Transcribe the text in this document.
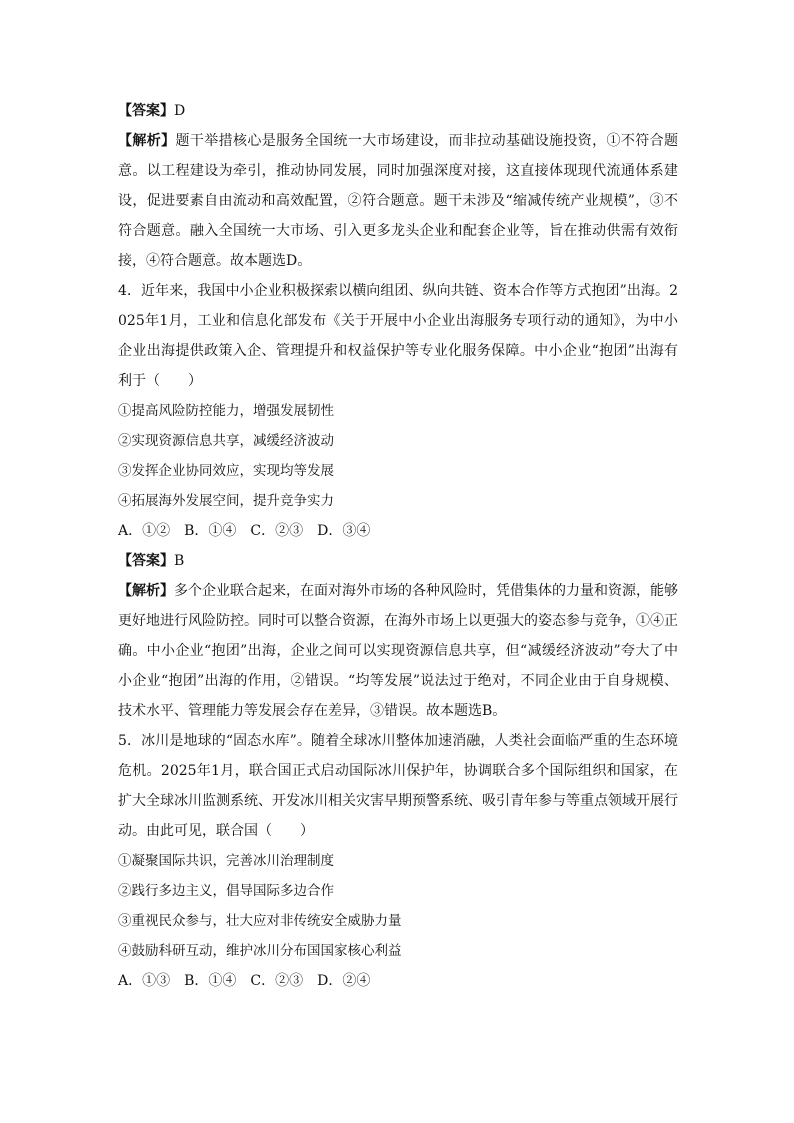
【答案】D

【解析】题干举措核心是服务全国统一大市场建设，而非拉动基础设施投资，①不符合题意。以工程建设为牵引，推动协同发展，同时加强深度对接，这直接体现现代流通体系建设，促进要素自由流动和高效配置，②符合题意。题干未涉及“缩减传统产业规模”，③不符合题意。融入全国统一大市场、引入更多龙头企业和配套企业等，旨在推动供需有效衔接，④符合题意。故本题选D。

4．近年来，我国中小企业积极探索以横向组团、纵向共链、资本合作等方式抱团”出海。2025年1月，工业和信息化部发布《关于开展中小企业出海服务专项行动的通知》，为中小企业出海提供政策入企、管理提升和权益保护等专业化服务保障。中小企业“抱团”出海有利于（　　）

①提高风险防控能力，增强发展韧性

②实现资源信息共享，减缓经济波动

③发挥企业协同效应，实现均等发展

④拓展海外发展空间，提升竞争实力

A．①②　B．①④　C．②③　D．③④

【答案】B

【解析】多个企业联合起来，在面对海外市场的各种风险时，凭借集体的力量和资源，能够更好地进行风险防控。同时可以整合资源，在海外市场上以更强大的姿态参与竞争，①④正确。中小企业“抱团”出海，企业之间可以实现资源信息共享，但“减缓经济波动”夸大了中小企业“抱团”出海的作用，②错误。“均等发展”说法过于绝对，不同企业由于自身规模、技术水平、管理能力等发展会存在差异，③错误。故本题选B。

5．冰川是地球的“固态水库”。随着全球冰川整体加速消融，人类社会面临严重的生态环境危机。2025年1月，联合国正式启动国际冰川保护年，协调联合多个国际组织和国家，在扩大全球冰川监测系统、开发冰川相关灾害早期预警系统、吸引青年参与等重点领域开展行动。由此可见，联合国（　　）

①凝聚国际共识，完善冰川治理制度

②践行多边主义，倡导国际多边合作

③重视民众参与，壮大应对非传统安全威胁力量

④鼓励科研互动，维护冰川分布国国家核心利益

A．①③　B．①④　C．②③　D．②④
